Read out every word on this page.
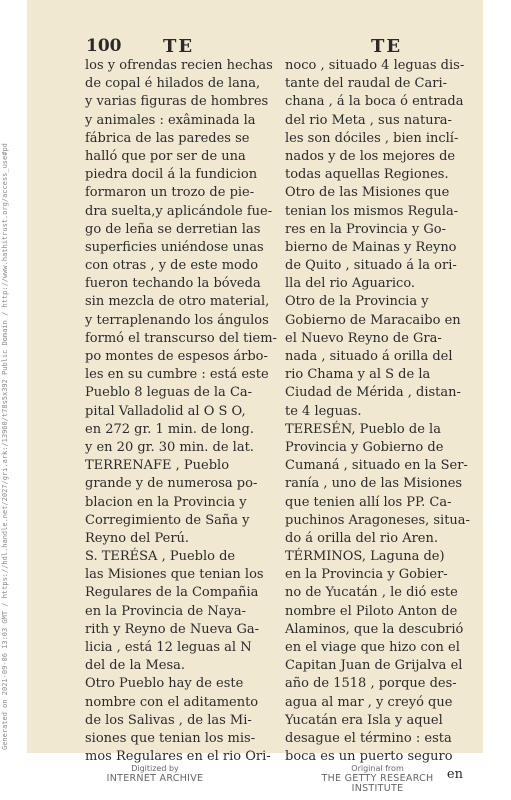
Generated on 2021-09-06 13:03 GMT / https://hdl.handle.net/2027/gri.ark:/13960/t78s5x392 Public Domain / http://www.hathitrust.org/access_use#pd
100 TE	TE
los y ofrendas recien hechas
de copal é hilados de lana,
y varias figuras de hombres
y animales : exâminada la
fábrica de las paredes se
halló que por ser de una
piedra docil á la fundicion
formaron un trozo de pie-
dra suelta,y aplicándole fue-
go de leña se derretian las
superficies uniéndose unas
con otras , y de este modo
fueron techando la bóveda
sin mezcla de otro material,
y terraplenando los ángulos
formó el transcurso del tiem-
po montes de espesos árbo-
les en su cumbre : está este
Pueblo 8 leguas de la Ca-
pital Valladolid al O S O,
en 272 gr. 1 min. de long.
y en 20 gr. 30 min. de lat.
TERRENAFE , Pueblo
grande y de numerosa po-
blacion en la Provincia y
Corregimiento de Saña y
Reyno del Perú.
S. TERÉSA , Pueblo de
las Misiones que tenian los
Regulares de la Compañia
en la Provincia de Naya-
rith y Reyno de Nueva Ga-
licia , está 12 leguas al N
del de la Mesa.
Otro Pueblo hay de este
nombre con el aditamento
de los Salivas , de las Mi-
siones que tenian los mis-
mos Regulares en el rio Ori-
noco , situado 4 leguas dis-
tante del raudal de Cari-
chana , á la boca ó entrada
del rio Meta , sus natura-
les son dóciles , bien inclí-
nados y de los mejores de
todas aquellas Regiones.
Otro de las Misiones que
tenian los mismos Regula-
res en la Provincia y Go-
bierno de Mainas y Reyno
de Quito , situado á la ori-
lla del rio Aguarico.
Otro de la Provincia y
Gobierno de Maracaibo en
el Nuevo Reyno de Gra-
nada , situado á orilla del
rio Chama y al S de la
Ciudad de Mérida , distan-
te 4 leguas.
TERESÉN, Pueblo de la
Provincia y Gobierno de
Cumaná , situado en la Ser-
ranía , uno de las Misiones
que tenien allí los PP. Ca-
puchinos Aragoneses, situa-
do á orilla del rio Aren.
TÉRMINOS, Laguna de)
en la Provincia y Gobier-
no de Yucatán , le dió este
nombre el Piloto Anton de
Alaminos, que la descubrió
en el viage que hizo con el
Capitan Juan de Grijalva el
año de 1518 , porque des-
agua al mar , y creyó que
Yucatán era Isla y aquel
desague el término : esta
boca es un puerto seguro
en
Digitized by
INTERNET ARCHIVE
Original from
THE GETTY RESEARCH INSTITUTE
